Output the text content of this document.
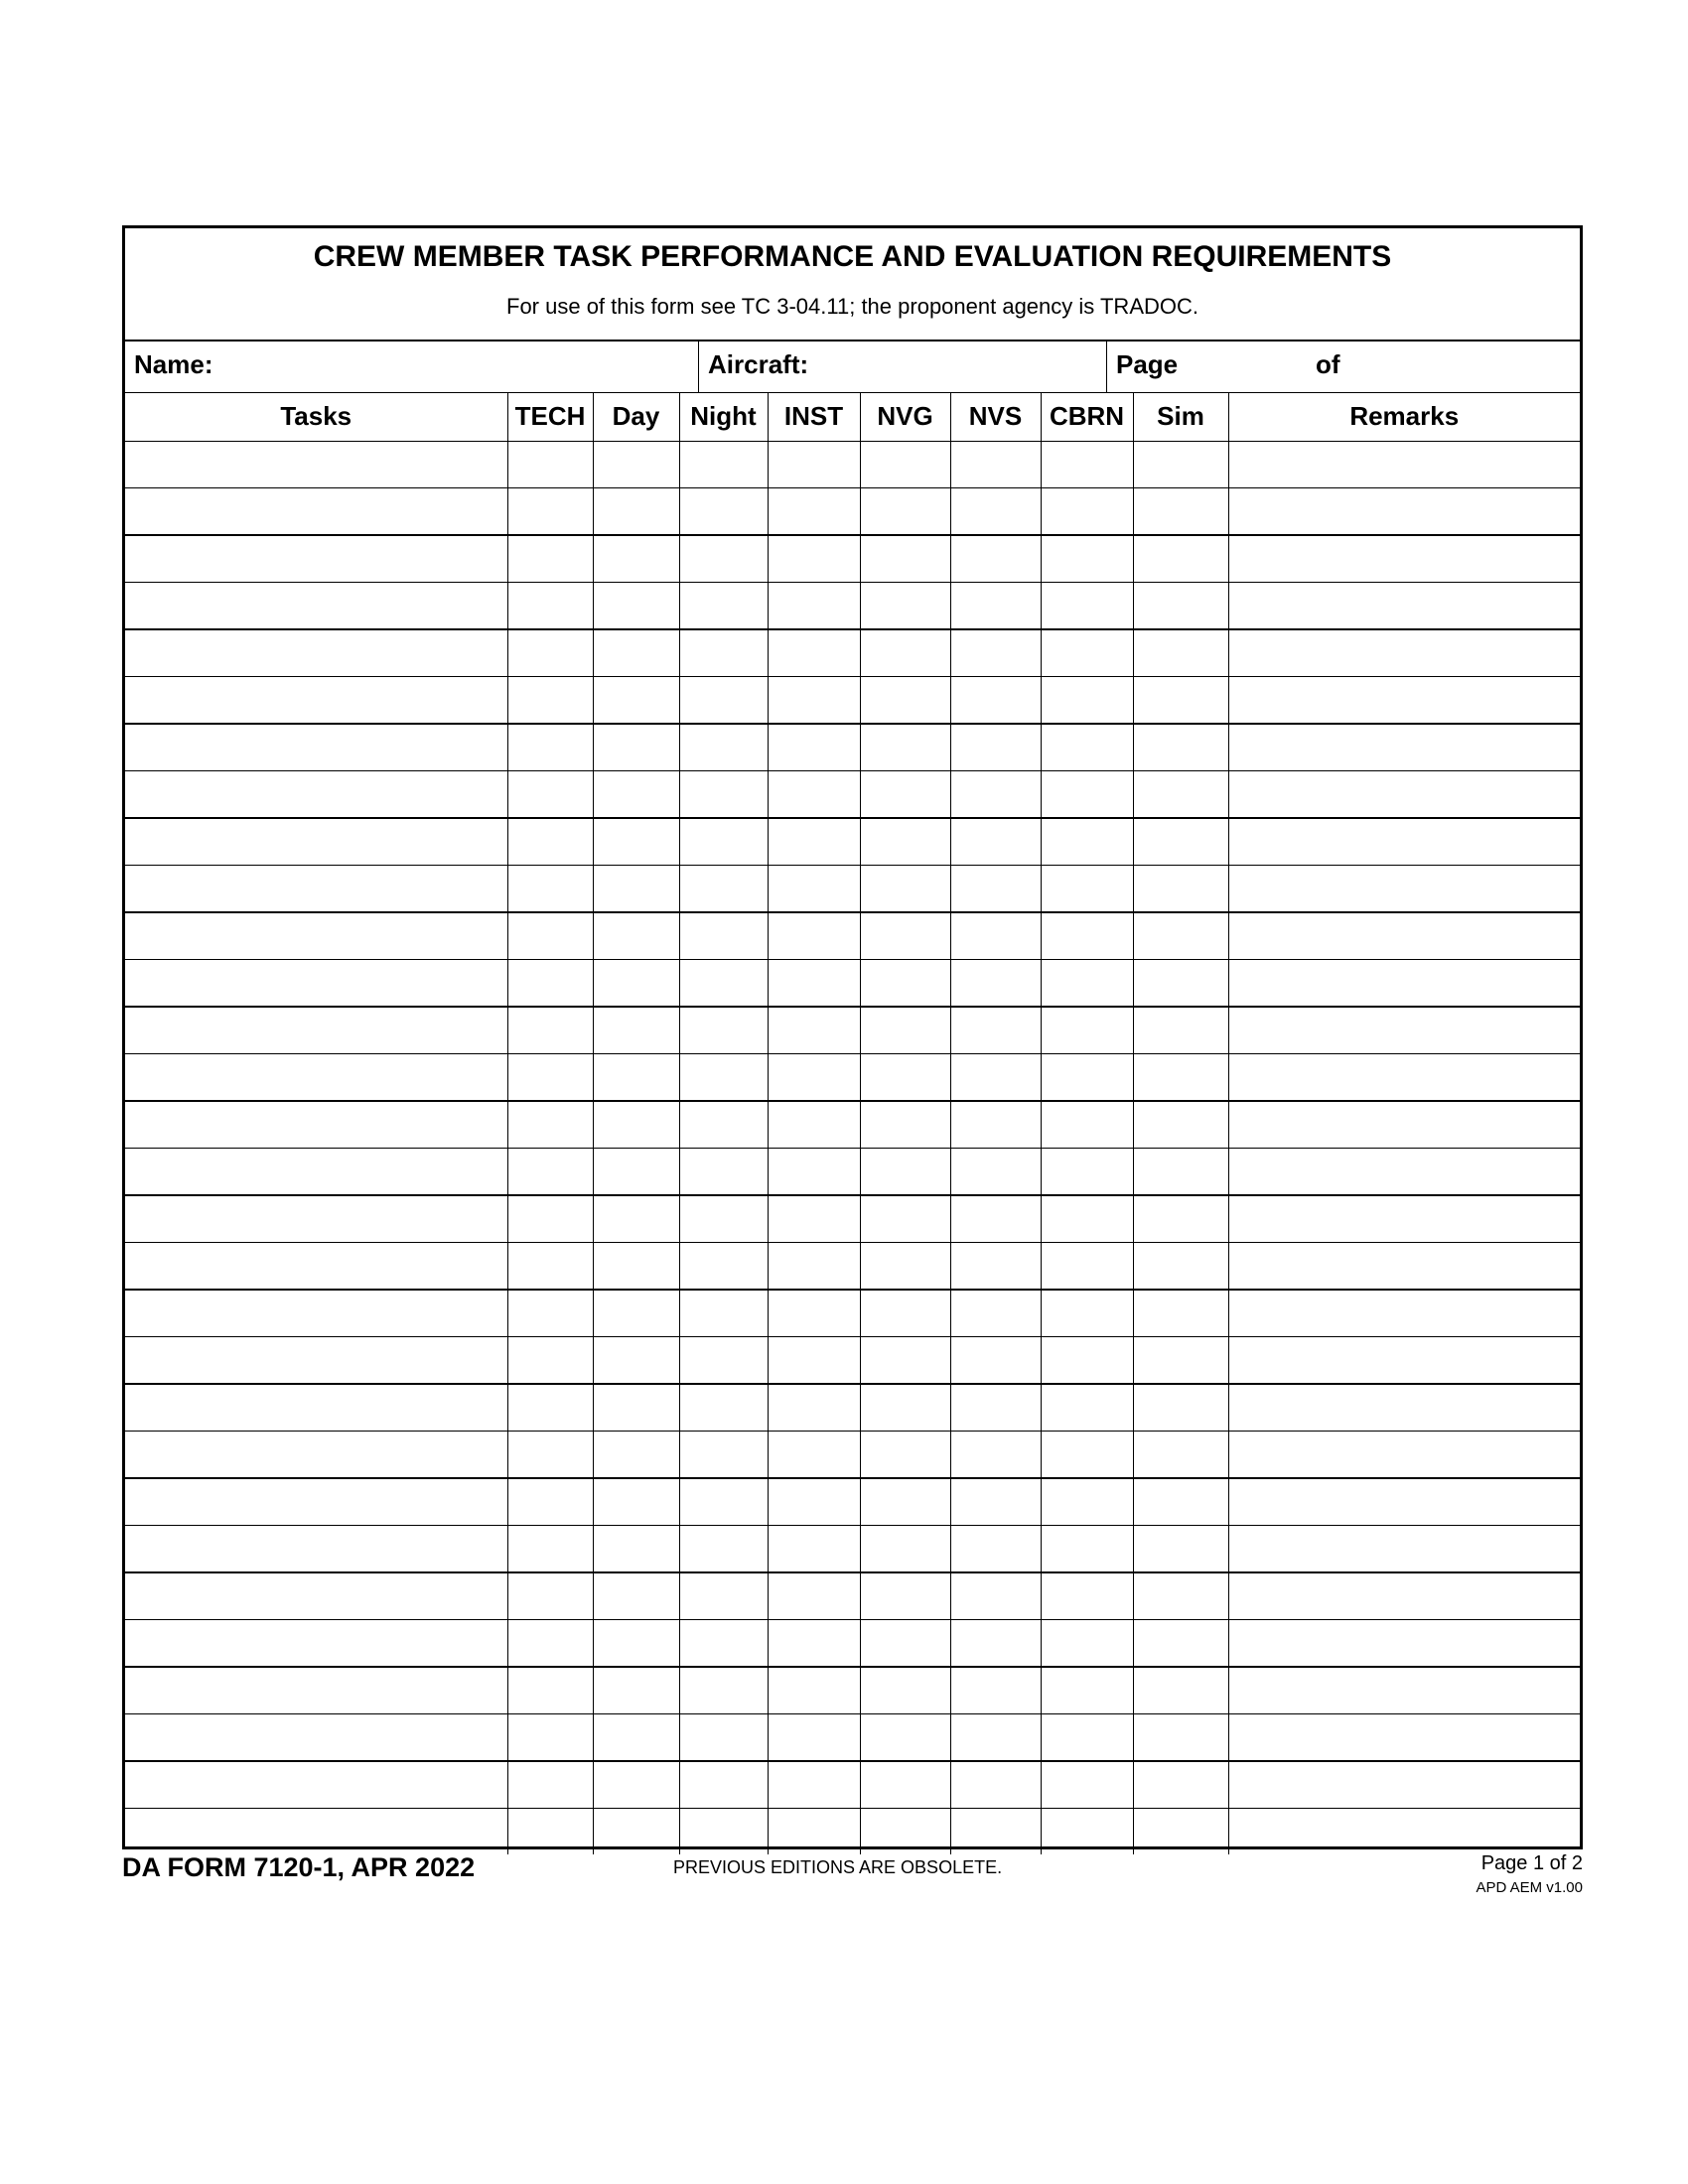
CREW MEMBER TASK PERFORMANCE AND EVALUATION REQUIREMENTS
For use of this form see TC 3-04.11; the proponent agency is TRADOC.
Name:	Aircraft:	Page	of
Tasks	TECH	Day	Night	INST	NVG	NVS	CBRN	Sim	Remarks

DA FORM 7120-1, APR 2022	PREVIOUS EDITIONS ARE OBSOLETE.	Page 1 of 2
APD AEM v1.00
